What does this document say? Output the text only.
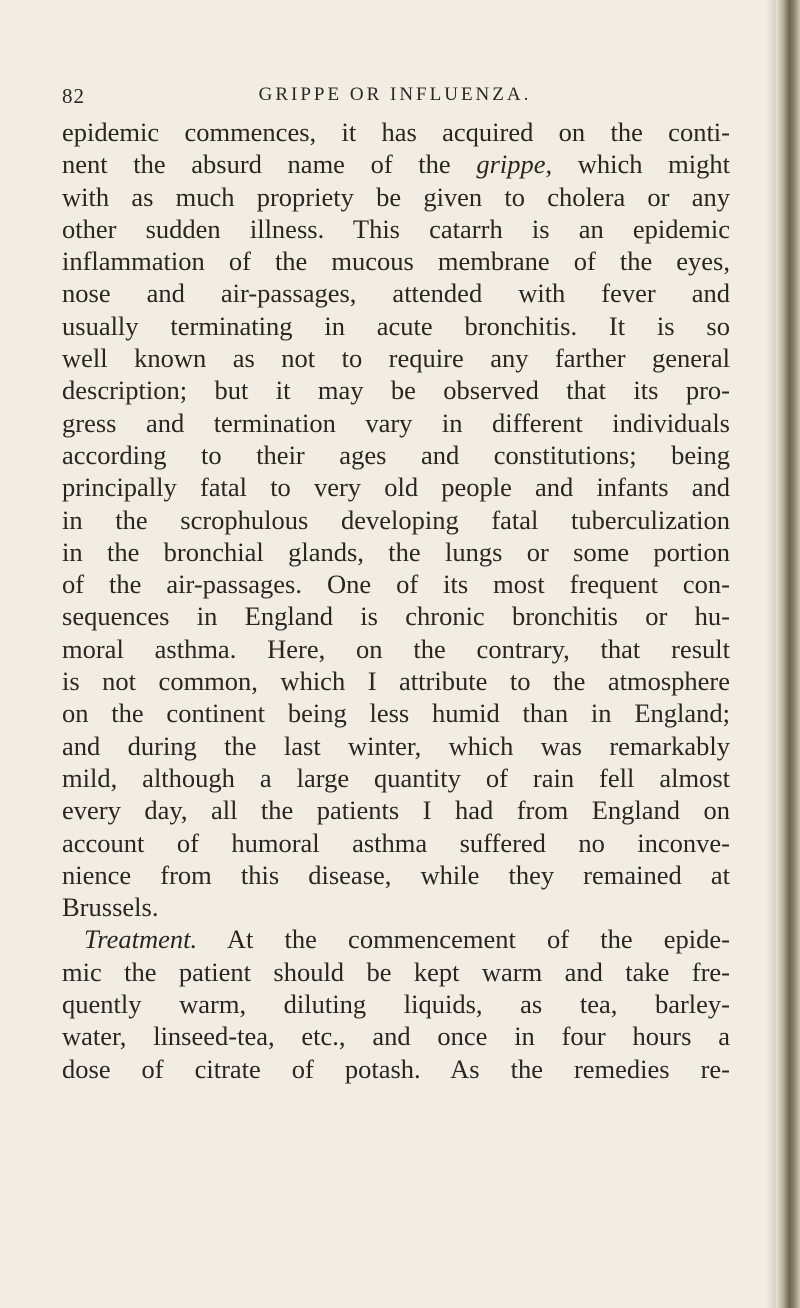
82	GRIPPE OR INFLUENZA.
epidemic commences, it has acquired on the conti-
nent the absurd name of the grippe, which might
with as much propriety be given to cholera or any
other sudden illness. This catarrh is an epidemic
inflammation of the mucous membrane of the eyes,
nose and air-passages, attended with fever and
usually terminating in acute bronchitis. It is so
well known as not to require any farther general
description; but it may be observed that its pro-
gress and termination vary in different individuals
according to their ages and constitutions; being
principally fatal to very old people and infants and
in the scrophulous developing fatal tuberculization
in the bronchial glands, the lungs or some portion
of the air-passages. One of its most frequent con-
sequences in England is chronic bronchitis or hu-
moral asthma. Here, on the contrary, that result
is not common, which I attribute to the atmosphere
on the continent being less humid than in England;
and during the last winter, which was remarkably
mild, although a large quantity of rain fell almost
every day, all the patients I had from England on
account of humoral asthma suffered no inconve-
nience from this disease, while they remained at
Brussels.
Treatment. At the commencement of the epide-
mic the patient should be kept warm and take fre-
quently warm, diluting liquids, as tea, barley-
water, linseed-tea, etc., and once in four hours a
dose of citrate of potash. As the remedies re-
